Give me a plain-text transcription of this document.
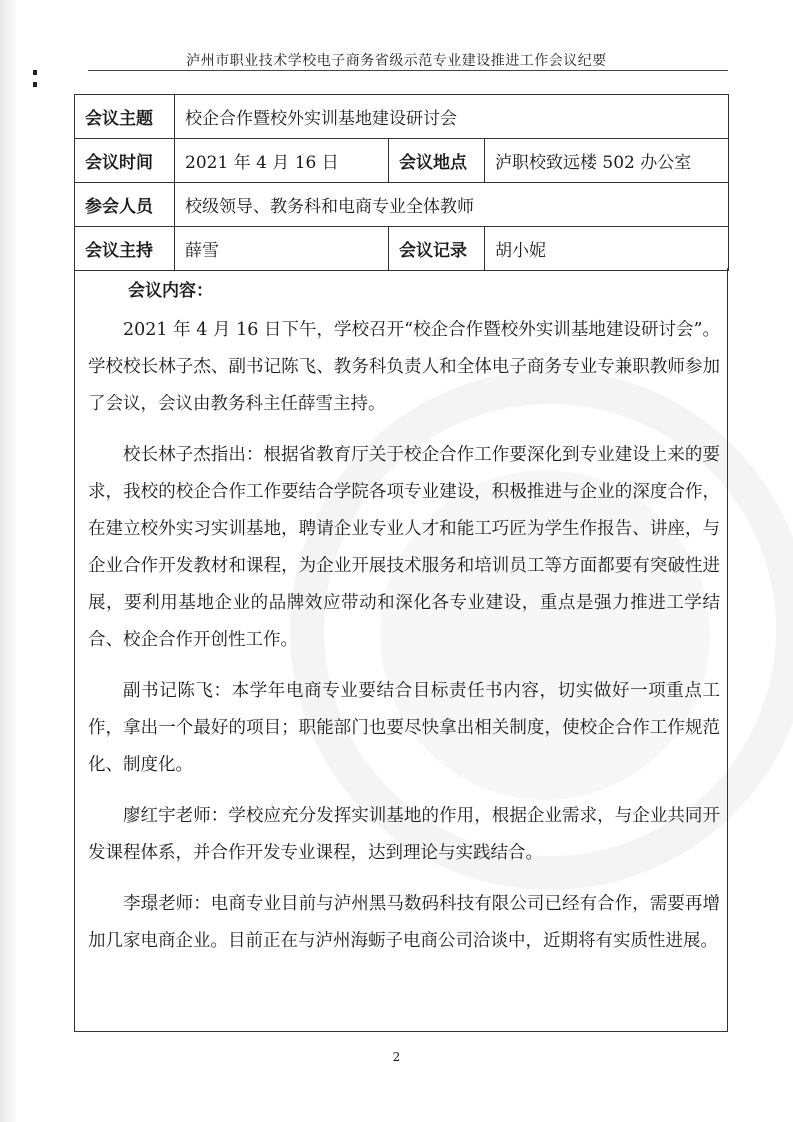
泸州市职业技术学校电子商务省级示范专业建设推进工作会议纪要
会议主题	校企合作暨校外实训基地建设研讨会		
会议时间	2021 年 4 月 16 日	会议地点	泸职校致远楼 502 办公室
参会人员	校级领导、教务科和电商专业全体教师		
会议主持	薛雪	会议记录	胡小妮
会议内容：

2021 年 4 月 16 日下午，学校召开“校企合作暨校外实训基地建设研讨会”。学校校长林子杰、副书记陈飞、教务科负责人和全体电子商务专业专兼职教师参加了会议，会议由教务科主任薛雪主持。

校长林子杰指出：根据省教育厅关于校企合作工作要深化到专业建设上来的要求，我校的校企合作工作要结合学院各项专业建设，积极推进与企业的深度合作，在建立校外实习实训基地，聘请企业专业人才和能工巧匠为学生作报告、讲座，与企业合作开发教材和课程，为企业开展技术服务和培训员工等方面都要有突破性进展，要利用基地企业的品牌效应带动和深化各专业建设，重点是强力推进工学结合、校企合作开创性工作。

副书记陈飞：本学年电商专业要结合目标责任书内容，切实做好一项重点工作，拿出一个最好的项目；职能部门也要尽快拿出相关制度，使校企合作工作规范化、制度化。

廖红宇老师：学校应充分发挥实训基地的作用，根据企业需求，与企业共同开发课程体系，并合作开发专业课程，达到理论与实践结合。

李璟老师：电商专业目前与泸州黑马数码科技有限公司已经有合作，需要再增加几家电商企业。目前正在与泸州海蛎子电商公司洽谈中，近期将有实质性进展。

2
